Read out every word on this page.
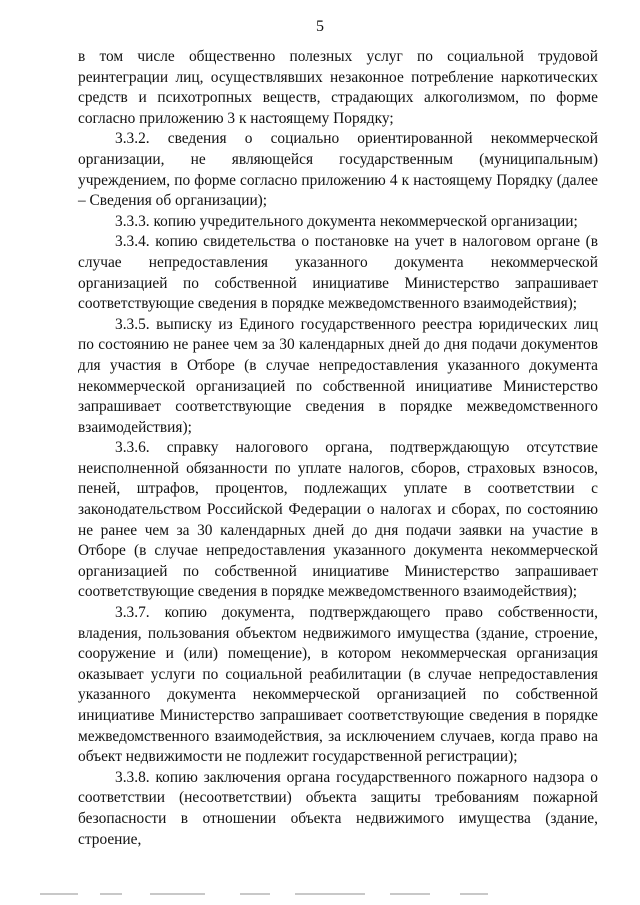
5

в том числе общественно полезных услуг по социальной трудовой реинтеграции лиц, осуществлявших незаконное потребление наркотических средств и психотропных веществ, страдающих алкоголизмом, по форме согласно приложению 3 к настоящему Порядку;

3.3.2. сведения о социально ориентированной некоммерческой организации, не являющейся государственным (муниципальным) учреждением, по форме согласно приложению 4 к настоящему Порядку (далее – Сведения об организации);

3.3.3. копию учредительного документа некоммерческой организации;

3.3.4. копию свидетельства о постановке на учет в налоговом органе (в случае непредоставления указанного документа некоммерческой организацией по собственной инициативе Министерство запрашивает соответствующие сведения в порядке межведомственного взаимодействия);

3.3.5. выписку из Единого государственного реестра юридических лиц по состоянию не ранее чем за 30 календарных дней до дня подачи документов для участия в Отборе (в случае непредоставления указанного документа некоммерческой организацией по собственной инициативе Министерство запрашивает соответствующие сведения в порядке межведомственного взаимодействия);

3.3.6. справку налогового органа, подтверждающую отсутствие неисполненной обязанности по уплате налогов, сборов, страховых взносов, пеней, штрафов, процентов, подлежащих уплате в соответствии с законодательством Российской Федерации о налогах и сборах, по состоянию не ранее чем за 30 календарных дней до дня подачи заявки на участие в Отборе (в случае непредоставления указанного документа некоммерческой организацией по собственной инициативе Министерство запрашивает соответствующие сведения в порядке межведомственного взаимодействия);

3.3.7. копию документа, подтверждающего право собственности, владения, пользования объектом недвижимого имущества (здание, строение, сооружение и (или) помещение), в котором некоммерческая организация оказывает услуги по социальной реабилитации (в случае непредоставления указанного документа некоммерческой организацией по собственной инициативе Министерство запрашивает соответствующие сведения в порядке межведомственного взаимодействия, за исключением случаев, когда право на объект недвижимости не подлежит государственной регистрации);

3.3.8. копию заключения органа государственного пожарного надзора о соответствии (несоответствии) объекта защиты требованиям пожарной безопасности в отношении объекта недвижимого имущества (здание, строение,
